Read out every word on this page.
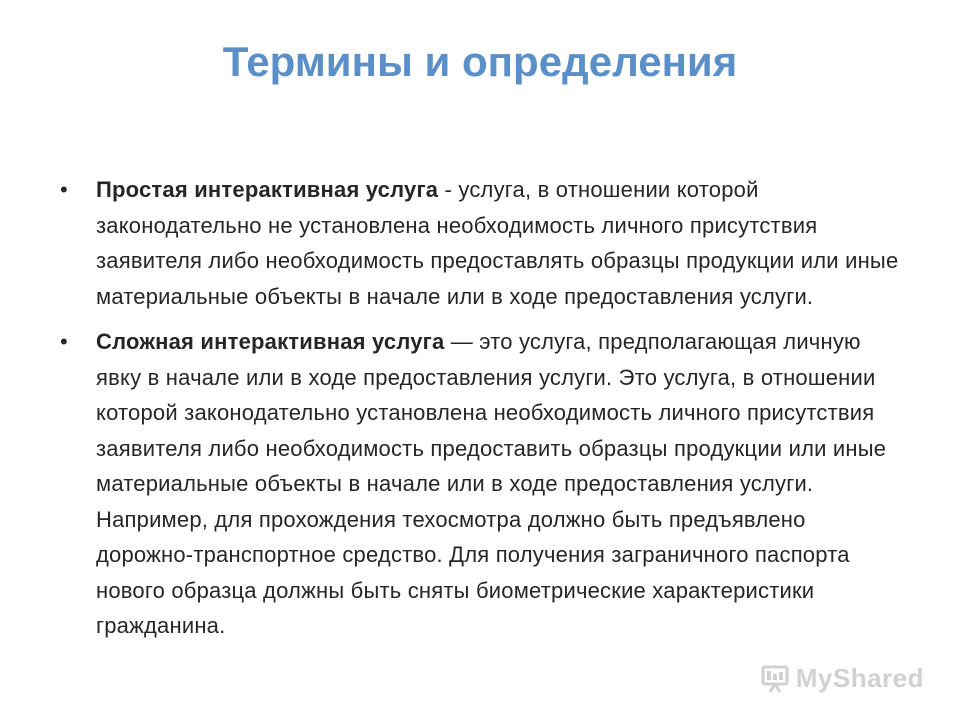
Термины и определения
•	Простая интерактивная услуга - услуга, в отношении которой законодательно не установлена необходимость личного присутствия заявителя либо необходимость предоставлять образцы продукции или иные материальные объекты в начале или в ходе предоставления услуги.
•	Сложная интерактивная услуга — это услуга, предполагающая личную явку в начале или в ходе предоставления услуги. Это услуга, в отношении которой законодательно установлена необходимость личного присутствия заявителя либо необходимость предоставить образцы продукции или иные материальные объекты в начале или в ходе предоставления услуги. Например, для прохождения техосмотра должно быть предъявлено дорожно-транспортное средство. Для получения заграничного паспорта нового образца должны быть сняты биометрические характеристики гражданина.
MyShared
